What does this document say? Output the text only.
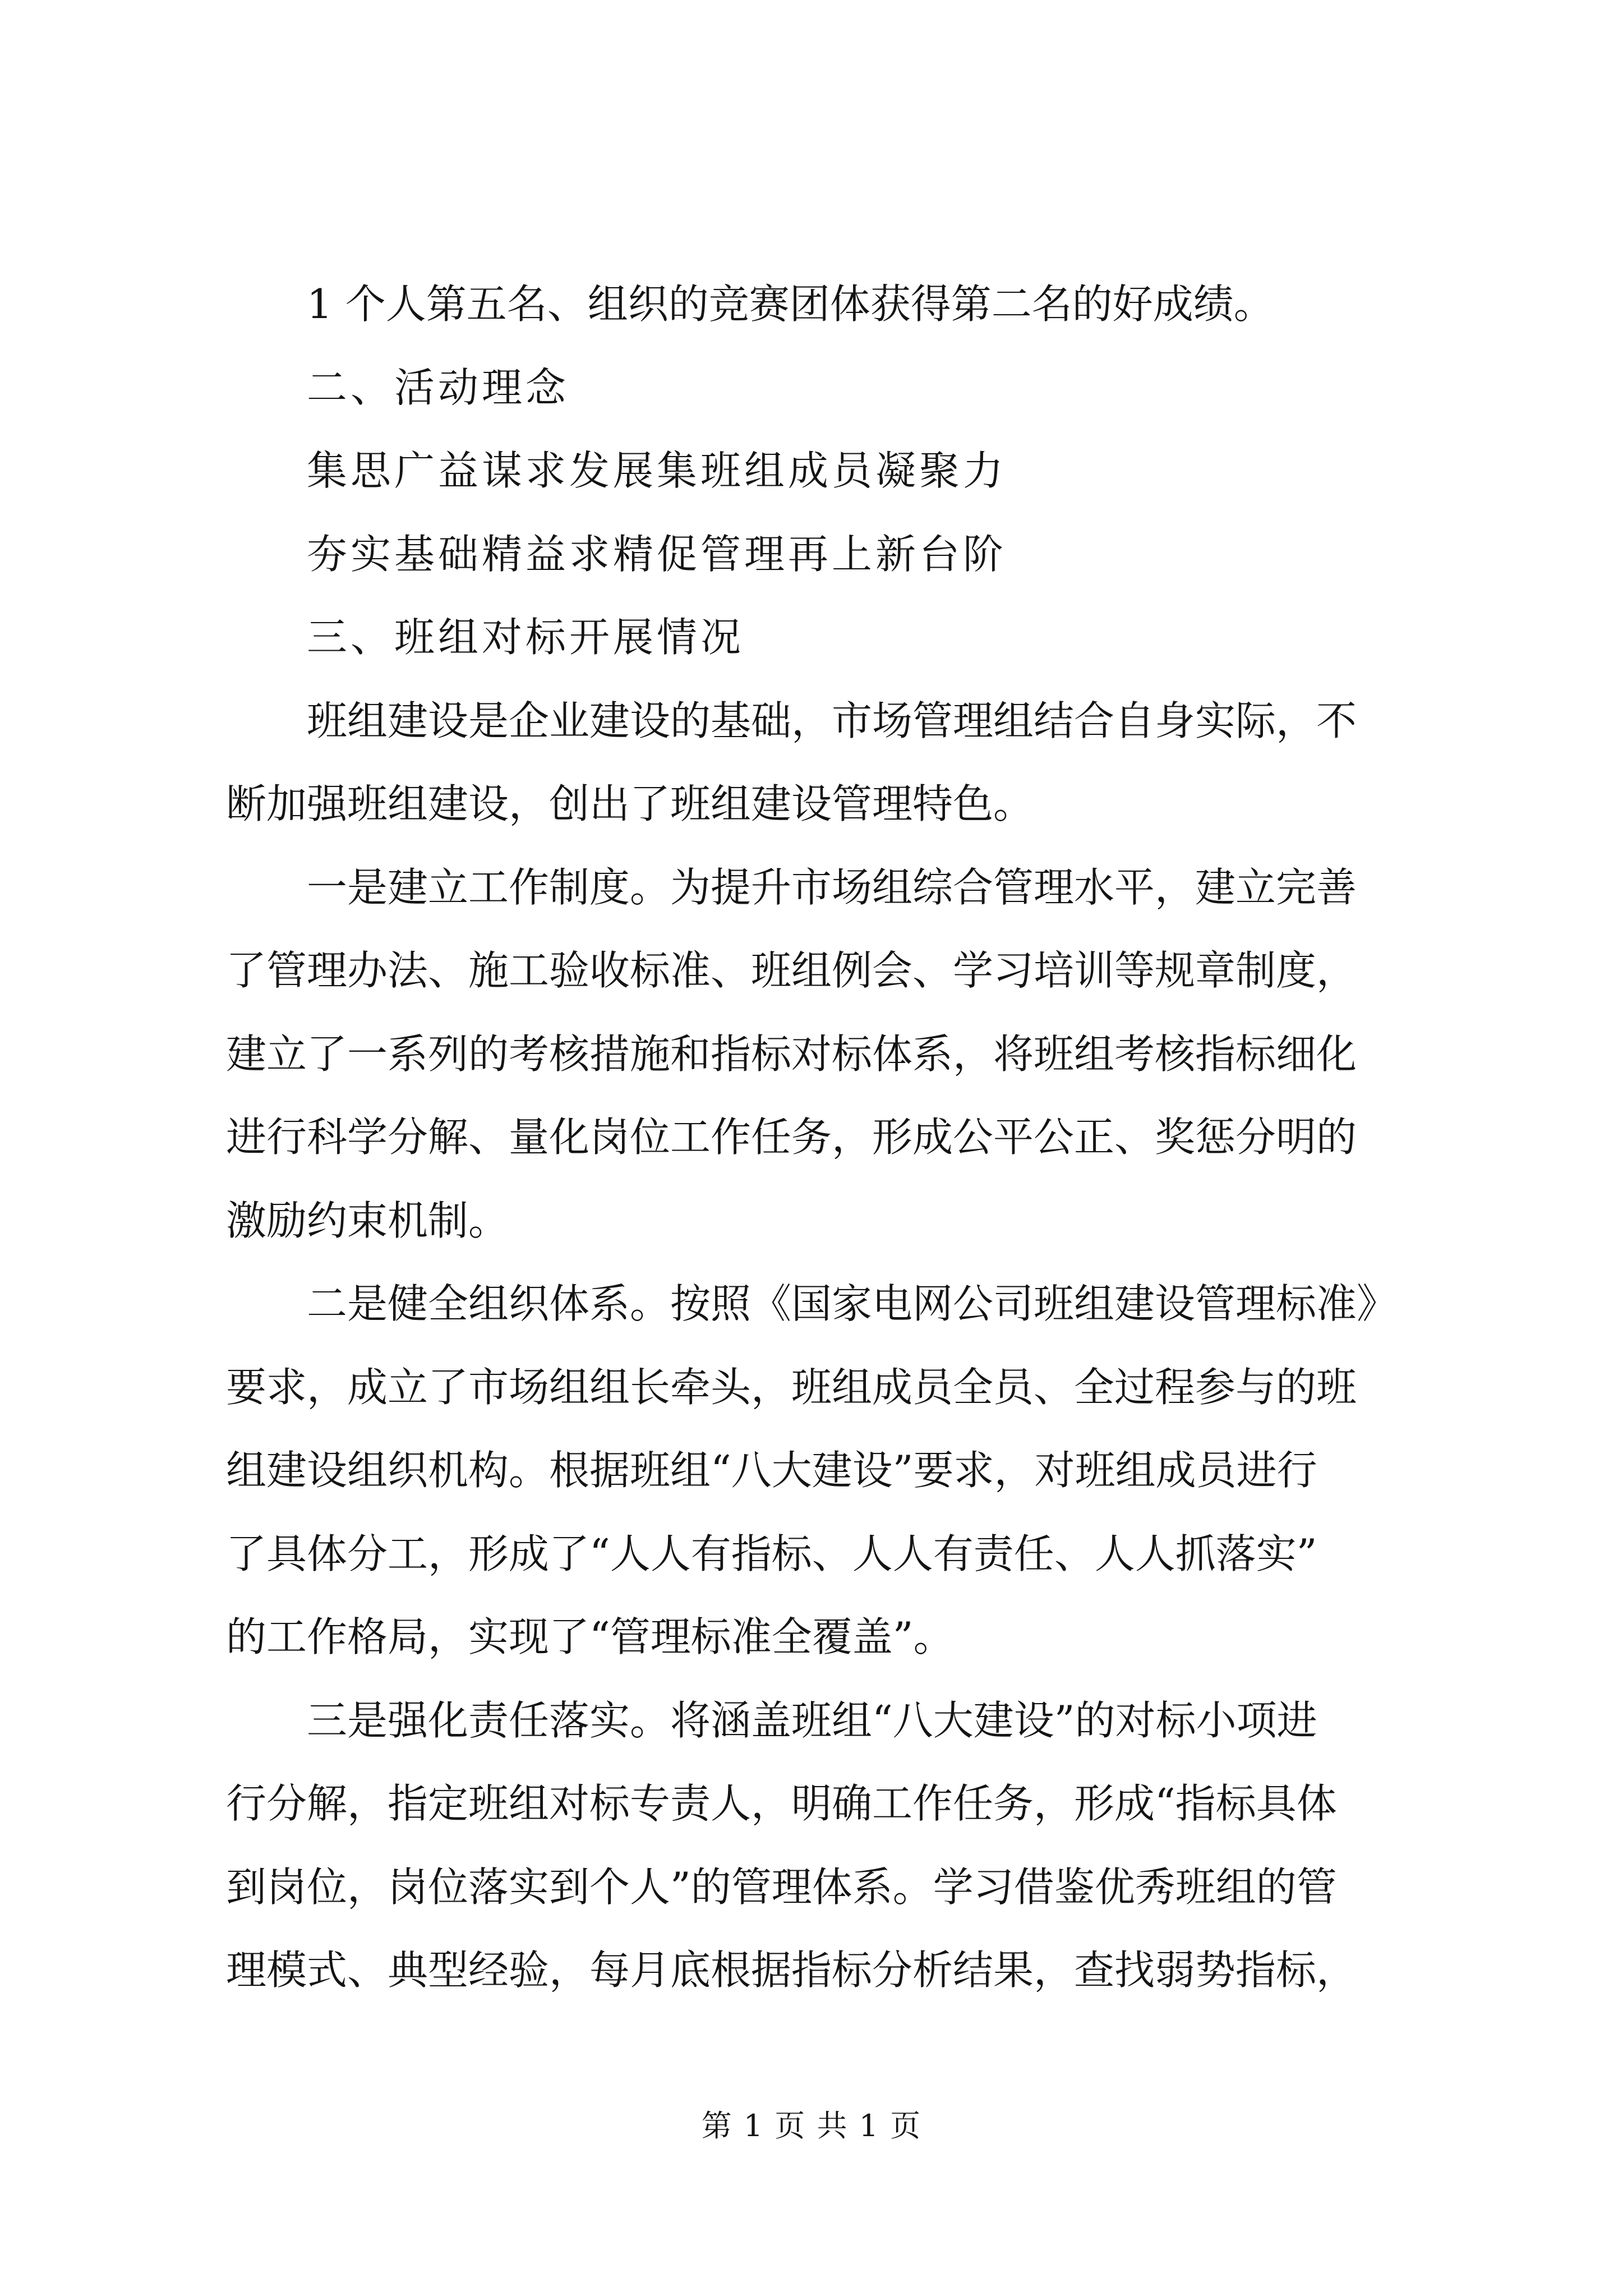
1 个人第五名、组织的竞赛团体获得第二名的好成绩。
二、活动理念
集思广益谋求发展集班组成员凝聚力
夯实基础精益求精促管理再上新台阶
三、班组对标开展情况
班组建设是企业建设的基础，市场管理组结合自身实际，不
断加强班组建设，创出了班组建设管理特色。
一是建立工作制度。为提升市场组综合管理水平，建立完善
了管理办法、施工验收标准、班组例会、学习培训等规章制度，
建立了一系列的考核措施和指标对标体系，将班组考核指标细化
进行科学分解、量化岗位工作任务，形成公平公正、奖惩分明的
激励约束机制。
二是健全组织体系。按照《国家电网公司班组建设管理标准》
要求，成立了市场组组长牵头，班组成员全员、全过程参与的班
组建设组织机构。根据班组“八大建设”要求，对班组成员进行
了具体分工，形成了“人人有指标、人人有责任、人人抓落实”
的工作格局，实现了“管理标准全覆盖”。
三是强化责任落实。将涵盖班组“八大建设”的对标小项进
行分解，指定班组对标专责人，明确工作任务，形成“指标具体
到岗位，岗位落实到个人”的管理体系。学习借鉴优秀班组的管
理模式、典型经验，每月底根据指标分析结果，查找弱势指标，
第 1 页 共 1 页
